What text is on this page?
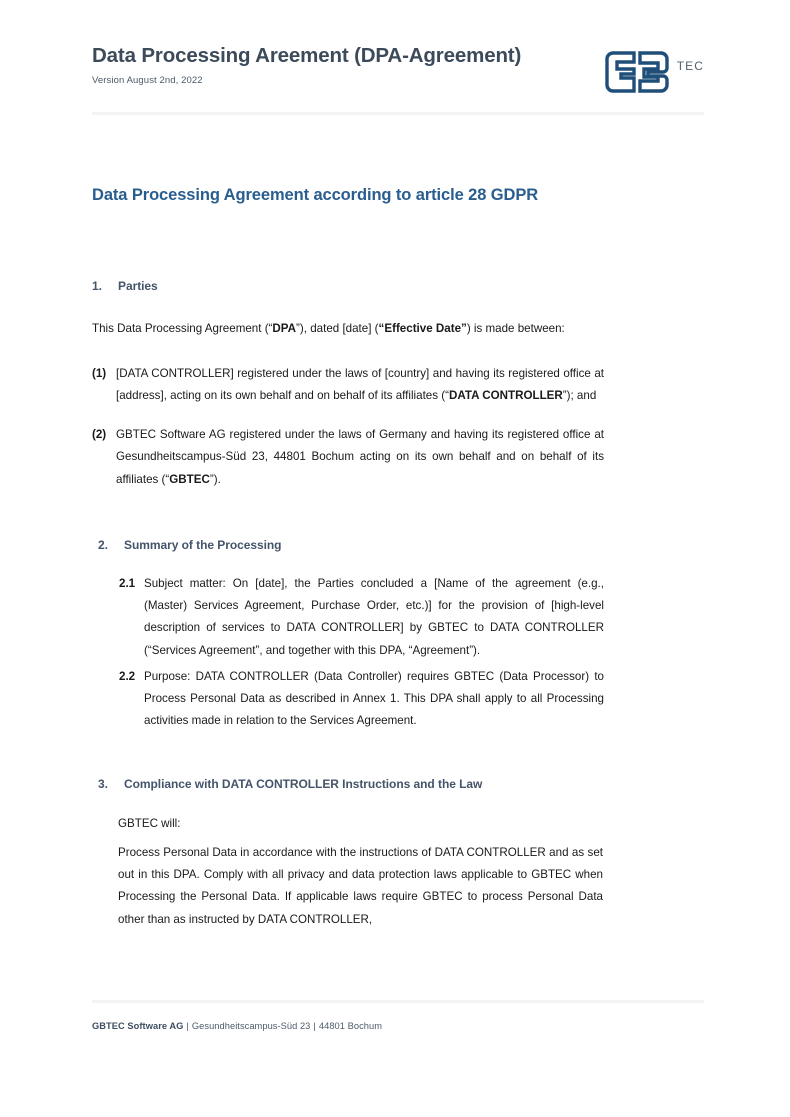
Data Processing Areement (DPA-Agreement)
Version August 2nd, 2022
TEC
Data Processing Agreement according to article 28 GDPR
1.	Parties

This Data Processing Agreement (“DPA”), dated [date] (“Effective Date”) is made between:

(1) [DATA CONTROLLER] registered under the laws of [country] and having its registered office at [address], acting on its own behalf and on behalf of its affiliates (“DATA CONTROLLER”); and

(2) GBTEC Software AG registered under the laws of Germany and having its registered office at Gesundheitscampus-Süd 23, 44801 Bochum acting on its own behalf and on behalf of its affiliates (“GBTEC”).

2.	Summary of the Processing
2.1 Subject matter: On [date], the Parties concluded a [Name of the agreement (e.g., (Master) Services Agreement, Purchase Order, etc.)] for the provision of [high-level description of services to DATA CONTROLLER] by GBTEC to DATA CONTROLLER (“Services Agreement”, and together with this DPA, “Agreement”).

2.2 Purpose: DATA CONTROLLER (Data Controller) requires GBTEC (Data Processor) to Process Personal Data as described in Annex 1. This DPA shall apply to all Processing activities made in relation to the Services Agreement.

3.	Compliance with DATA CONTROLLER Instructions and the Law

GBTEC will:

Process Personal Data in accordance with the instructions of DATA CONTROLLER and as set out in this DPA. Comply with all privacy and data protection laws applicable to GBTEC when Processing the Personal Data. If applicable laws require GBTEC to process Personal Data other than as instructed by DATA CONTROLLER,

GBTEC Software AG | Gesundheitscampus-Süd 23 | 44801 Bochum
